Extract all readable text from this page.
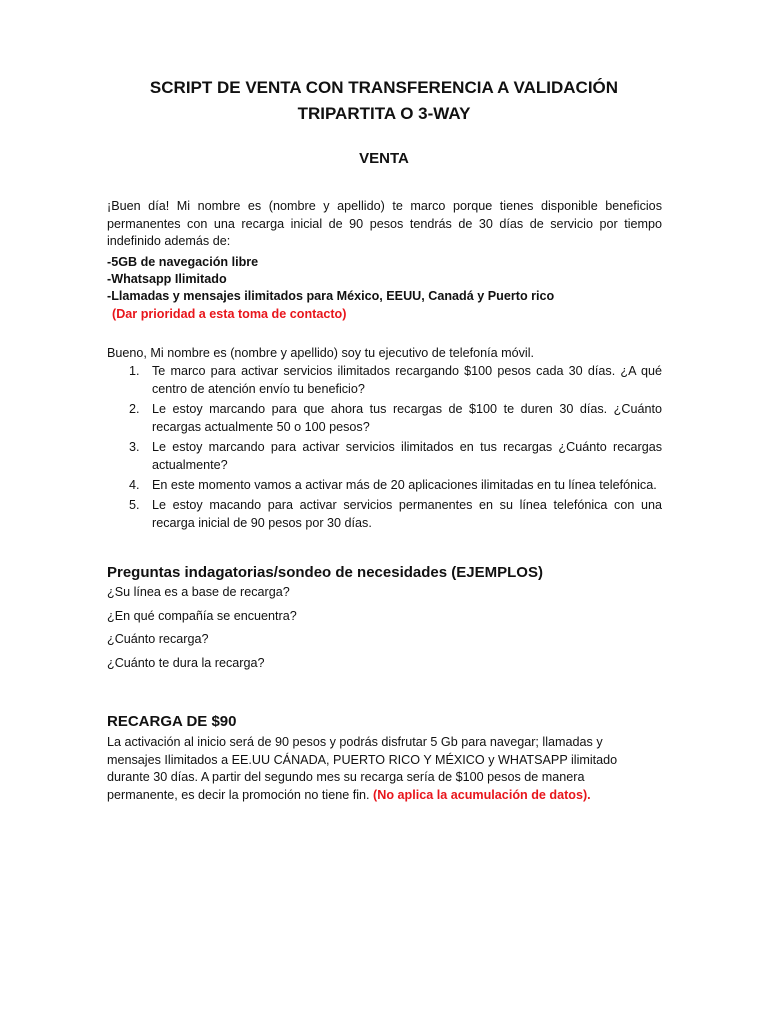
SCRIPT DE VENTA CON TRANSFERENCIA A VALIDACIÓN
TRIPARTITA O 3-WAY
VENTA
¡Buen día! Mi nombre es (nombre y apellido) te marco porque tienes disponible beneficios permanentes con una recarga inicial de 90 pesos tendrás de 30 días de servicio por tiempo indefinido además de:
-5GB de navegación libre
-Whatsapp Ilimitado
-Llamadas y mensajes ilimitados para México, EEUU, Canadá y Puerto rico
(Dar prioridad a esta toma de contacto)
Bueno, Mi nombre es (nombre y apellido) soy tu ejecutivo de telefonía móvil.
1. Te marco para activar servicios ilimitados recargando $100 pesos cada 30 días. ¿A qué centro de atención envío tu beneficio?
2. Le estoy marcando para que ahora tus recargas de $100 te duren 30 días. ¿Cuánto recargas actualmente 50 o 100 pesos?
3. Le estoy marcando para activar servicios ilimitados en tus recargas ¿Cuánto recargas actualmente?
4. En este momento vamos a activar más de 20 aplicaciones ilimitadas en tu línea telefónica.
5. Le estoy macando para activar servicios permanentes en su línea telefónica con una recarga inicial de 90 pesos por 30 días.
Preguntas indagatorias/sondeo de necesidades (EJEMPLOS)
¿Su línea es a base de recarga?
¿En qué compañía se encuentra?
¿Cuánto recarga?
¿Cuánto te dura la recarga?
RECARGA DE $90
La activación al inicio será de 90 pesos y podrás disfrutar 5 Gb para navegar; llamadas y mensajes Ilimitados a EE.UU CÁNADA, PUERTO RICO Y MÉXICO y WHATSAPP ilimitado durante 30 días. A partir del segundo mes su recarga sería de $100 pesos de manera permanente, es decir la promoción no tiene fin. (No aplica la acumulación de datos).
